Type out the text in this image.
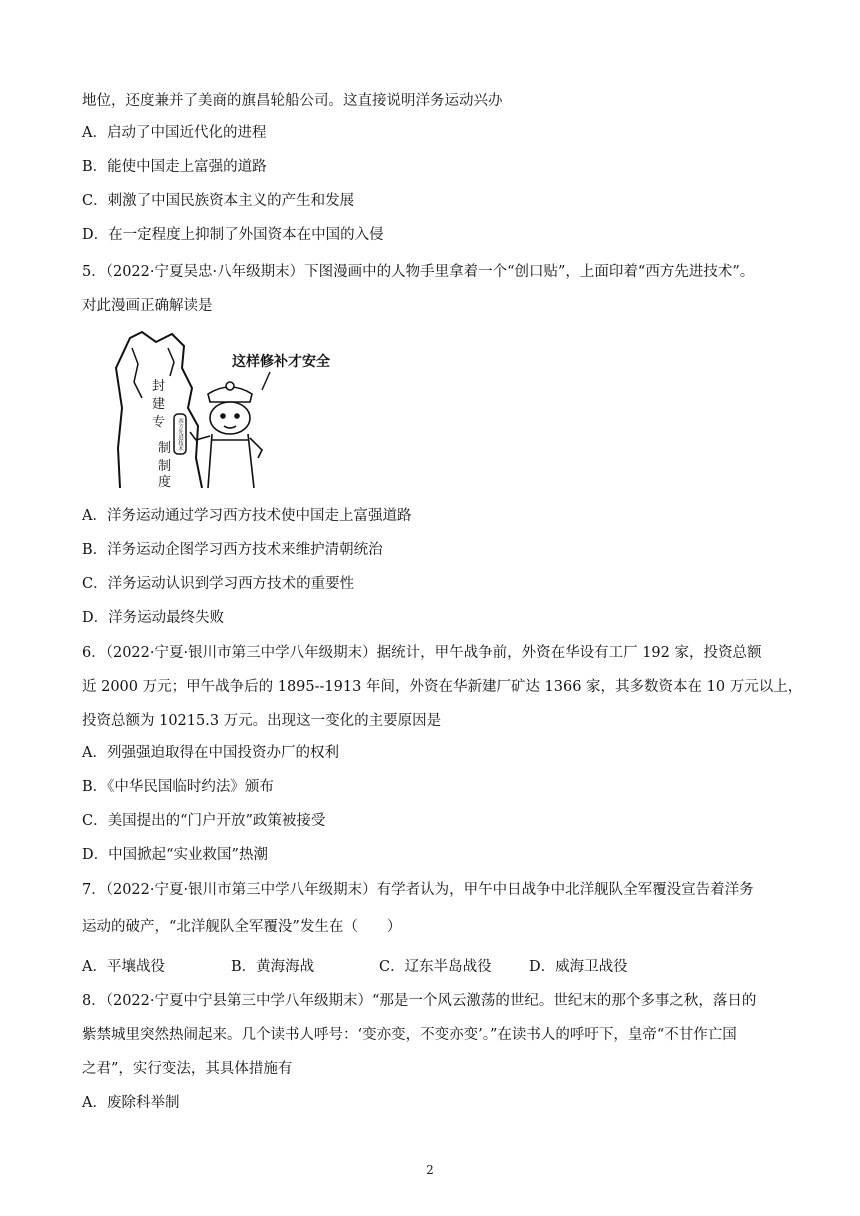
地位，还度兼并了美商的旗昌轮船公司。这直接说明洋务运动兴办
A．启动了中国近代化的进程
B．能使中国走上富强的道路
C．刺激了中国民族资本主义的产生和发展
D．在一定程度上抑制了外国资本在中国的入侵
5．（2022·宁夏吴忠·八年级期末）下图漫画中的人物手里拿着一个“创口贴”，上面印着“西方先进技术”。
对此漫画正确解读是
封
建
专
制
制
度
西方先进技术
这样修补才安全
A．洋务运动通过学习西方技术使中国走上富强道路
B．洋务运动企图学习西方技术来维护清朝统治
C．洋务运动认识到学习西方技术的重要性
D．洋务运动最终失败
6．（2022·宁夏·银川市第三中学八年级期末）据统计，甲午战争前，外资在华设有工厂 192 家，投资总额
近 2000 万元；甲午战争后的 1895--1913 年间，外资在华新建厂矿达 1366 家，其多数资本在 10 万元以上，
投资总额为 10215.3 万元。出现这一变化的主要原因是
A．列强强迫取得在中国投资办厂的权利
B．《中华民国临时约法》颁布
C．美国提出的“门户开放”政策被接受
D．中国掀起“实业救国”热潮
7．（2022·宁夏·银川市第三中学八年级期末）有学者认为，甲午中日战争中北洋舰队全军覆没宣告着洋务
运动的破产，“北洋舰队全军覆没”发生在（　　）
A．平壤战役	B．黄海海战	C．辽东半岛战役	D．威海卫战役
8．（2022·宁夏中宁县第三中学八年级期末）“那是一个风云激荡的世纪。世纪末的那个多事之秋，落日的
紫禁城里突然热闹起来。几个读书人呼号：‘变亦变，不变亦变’。”在读书人的呼吁下，皇帝“不甘作亡国
之君”，实行变法，其具体措施有
A．废除科举制
2
